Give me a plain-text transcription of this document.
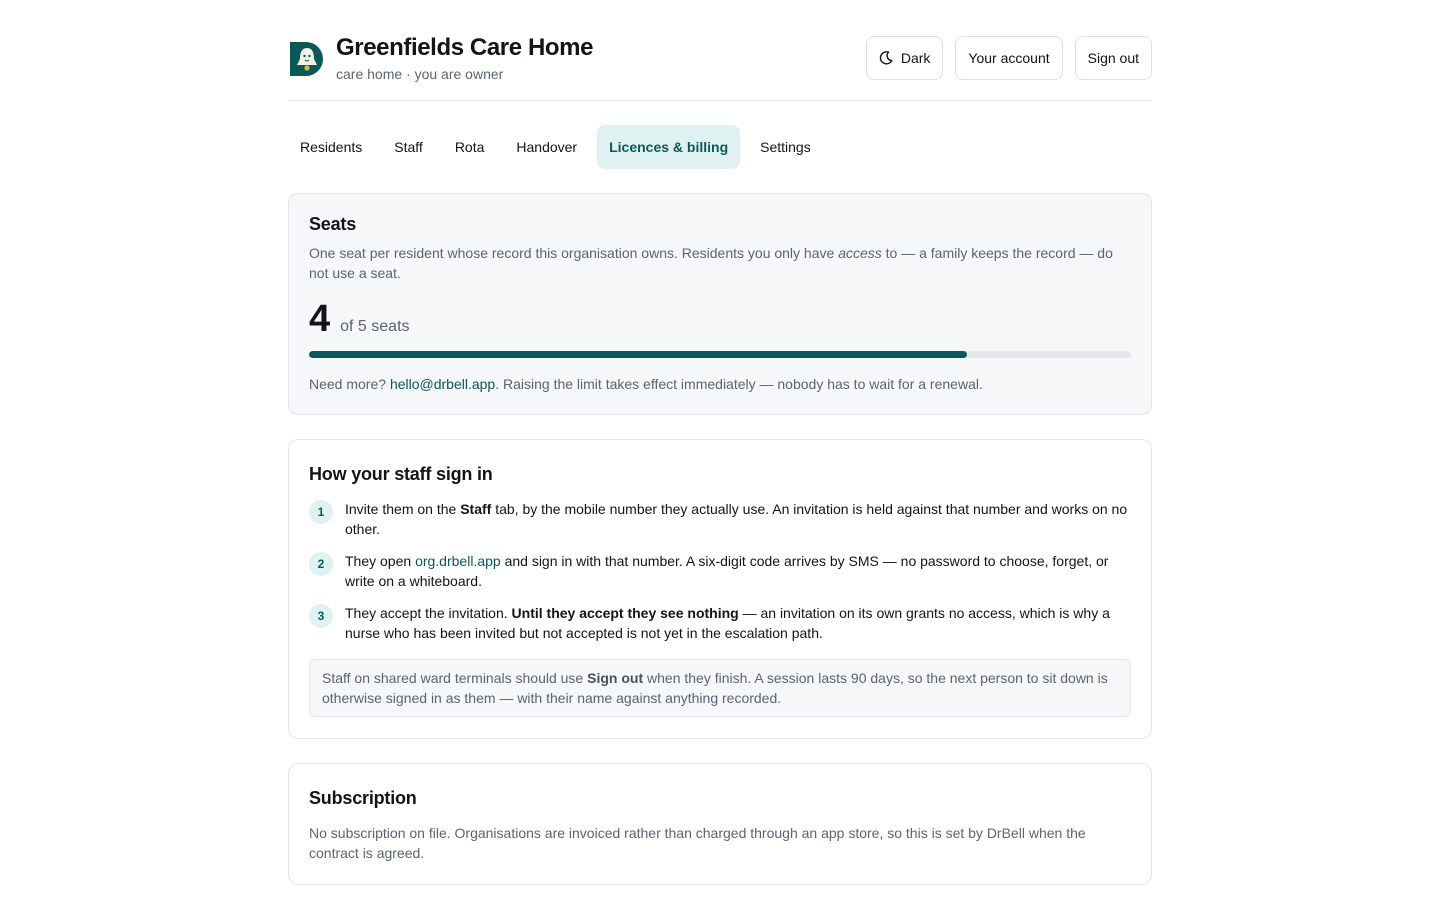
Greenfields Care Home
care home · you are owner
Dark	Your account	Sign out
Residents	Staff	Rota	Handover	Licences & billing	Settings
Seats

One seat per resident whose record this organisation owns. Residents you only have access to — a family keeps the record — do not use a seat.

4 of 5 seats

Need more? hello@drbell.app. Raising the limit takes effect immediately — nobody has to wait for a renewal.

How your staff sign in
1	Invite them on the Staff tab, by the mobile number they actually use. An invitation is held against that number and works on no other.
2	They open org.drbell.app and sign in with that number. A six-digit code arrives by SMS — no password to choose, forget, or write on a whiteboard.
3	They accept the invitation. Until they accept they see nothing — an invitation on its own grants no access, which is why a nurse who has been invited but not accepted is not yet in the escalation path.
Staff on shared ward terminals should use Sign out when they finish. A session lasts 90 days, so the next person to sit down is otherwise signed in as them — with their name against anything recorded.
Subscription

No subscription on file. Organisations are invoiced rather than charged through an app store, so this is set by DrBell when the contract is agreed.
